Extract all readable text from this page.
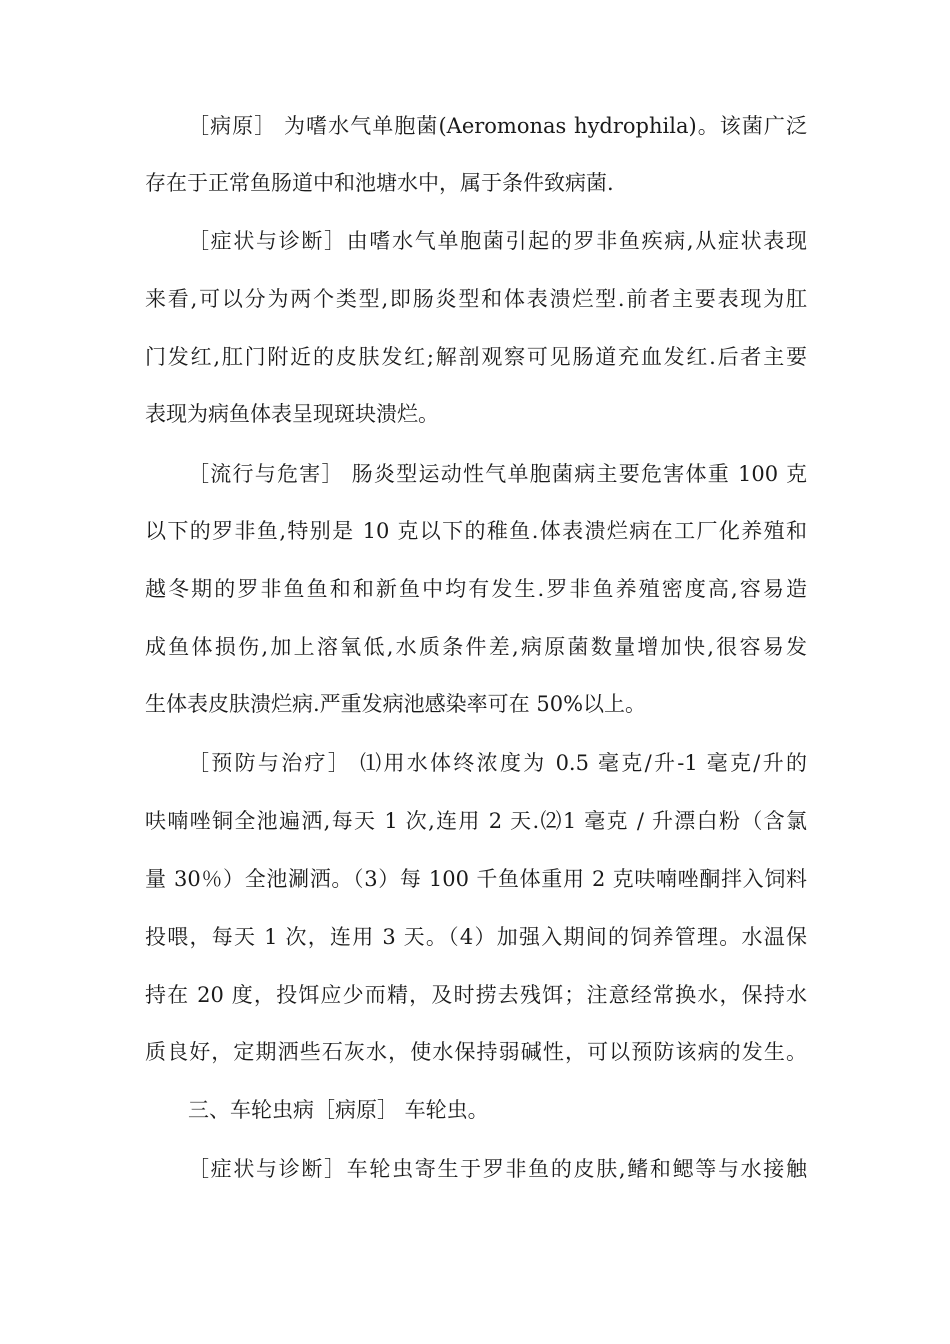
［病原］ 为嗜水气单胞菌(Aeromonas hydrophila)。该菌广泛
存在于正常鱼肠道中和池塘水中，属于条件致病菌.
［症状与诊断］由嗜水气单胞菌引起的罗非鱼疾病,从症状表现
来看,可以分为两个类型,即肠炎型和体表溃烂型.前者主要表现为肛
门发红,肛门附近的皮肤发红;解剖观察可见肠道充血发红.后者主要
表现为病鱼体表呈现斑块溃烂。
［流行与危害］ 肠炎型运动性气单胞菌病主要危害体重 100 克
以下的罗非鱼,特别是 10 克以下的稚鱼.体表溃烂病在工厂化养殖和
越冬期的罗非鱼鱼和和新鱼中均有发生.罗非鱼养殖密度高,容易造
成鱼体损伤,加上溶氧低,水质条件差,病原菌数量增加快,很容易发
生体表皮肤溃烂病.严重发病池感染率可在 50%以上。
［预防与治疗］ ⑴用水体终浓度为 0.5 毫克/升-1 毫克/升的
呋喃唑铜全池遍洒,每天 1 次,连用 2 天.⑵1 毫克 / 升漂白粉（含氯
量 30％）全池涮洒。（3）每 100 千鱼体重用 2 克呋喃唑酮拌入饲料
投喂，每天 1 次，连用 3 天。（4）加强入期间的饲养管理。水温保
持在 20 度，投饵应少而精，及时捞去残饵；注意经常换水，保持水
质良好，定期洒些石灰水，使水保持弱碱性，可以预防该病的发生。
三、车轮虫病［病原］ 车轮虫。
［症状与诊断］车轮虫寄生于罗非鱼的皮肤,鳍和鳃等与水接触
